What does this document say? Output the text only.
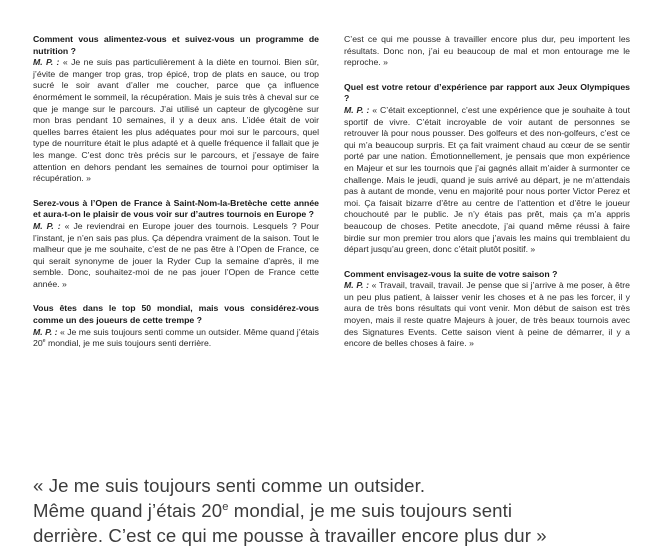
Comment vous alimentez-vous et suivez-vous un programme de nutrition ?

M. P. : « Je ne suis pas particulièrement à la diète en tournoi. Bien sûr, j’évite de manger trop gras, trop épicé, trop de plats en sauce, ou trop sucré le soir avant d’aller me coucher, parce que ça influence énormément le sommeil, la récupération. Mais je suis très à cheval sur ce que je mange sur le parcours. J’ai utilisé un capteur de glycogène sur mon bras pendant 10 semaines, il y a deux ans. L’idée était de voir quelles barres étaient les plus adéquates pour moi sur le parcours, quel type de nourriture était le plus adapté et à quelle fréquence il fallait que je les mange. C’est donc très précis sur le parcours, et j’essaye de faire attention en dehors pendant les semaines de tournoi pour optimiser la récupération. »

Serez-vous à l’Open de France à Saint-Nom-la-Bretèche cette année et aura-t-on le plaisir de vous voir sur d’autres tournois en Europe ?

M. P. : « Je reviendrai en Europe jouer des tournois. Lesquels ? Pour l’instant, je n’en sais pas plus. Ça dépendra vraiment de la saison. Tout le malheur que je me souhaite, c’est de ne pas être à l’Open de France, ce qui serait synonyme de jouer la Ryder Cup la semaine d’après, il me semble. Donc, souhaitez-moi de ne pas jouer l’Open de France cette année. »

Vous êtes dans le top 50 mondial, mais vous considérez-vous comme un des joueurs de cette trempe ?

M. P. : « Je me suis toujours senti comme un outsider. Même quand j’étais 20e mondial, je me suis toujours senti derrière.

C’est ce qui me pousse à travailler encore plus dur, peu importent les résultats. Donc non, j’ai eu beaucoup de mal et mon entourage me le reproche. »

Quel est votre retour d’expérience par rapport aux Jeux Olympiques ?

M. P. : « C’était exceptionnel, c’est une expérience que je souhaite à tout sportif de vivre. C’était incroyable de voir autant de personnes se retrouver là pour nous pousser. Des golfeurs et des non-golfeurs, c’est ce qui m’a beaucoup surpris. Et ça fait vraiment chaud au cœur de se sentir porté par une nation. Émotionnellement, je pensais que mon expérience en Majeur et sur les tournois que j’ai gagnés allait m’aider à surmonter ce challenge. Mais le jeudi, quand je suis arrivé au départ, je ne m’attendais pas à autant de monde, venu en majorité pour nous porter Victor Perez et moi. Ça faisait bizarre d’être au centre de l’attention et d’être le joueur chouchouté par le public. Je n’y étais pas prêt, mais ça m’a appris beaucoup de choses. Petite anecdote, j’ai quand même réussi à faire birdie sur mon premier trou alors que j’avais les mains qui tremblaient du départ jusqu’au green, donc c’était plutôt positif. »

Comment envisagez-vous la suite de votre saison ?

M. P. : « Travail, travail, travail. Je pense que si j’arrive à me poser, à être un peu plus patient, à laisser venir les choses et à ne pas les forcer, il y aura de très bons résultats qui vont venir. Mon début de saison est très moyen, mais il reste quatre Majeurs à jouer, de très beaux tournois avec des Signatures Events. Cette saison vient à peine de démarrer, il y a encore de belles choses à faire. »

« Je me suis toujours senti comme un outsider.
Même quand j’étais 20e mondial, je me suis toujours senti
derrière. C’est ce qui me pousse à travailler encore plus dur »
